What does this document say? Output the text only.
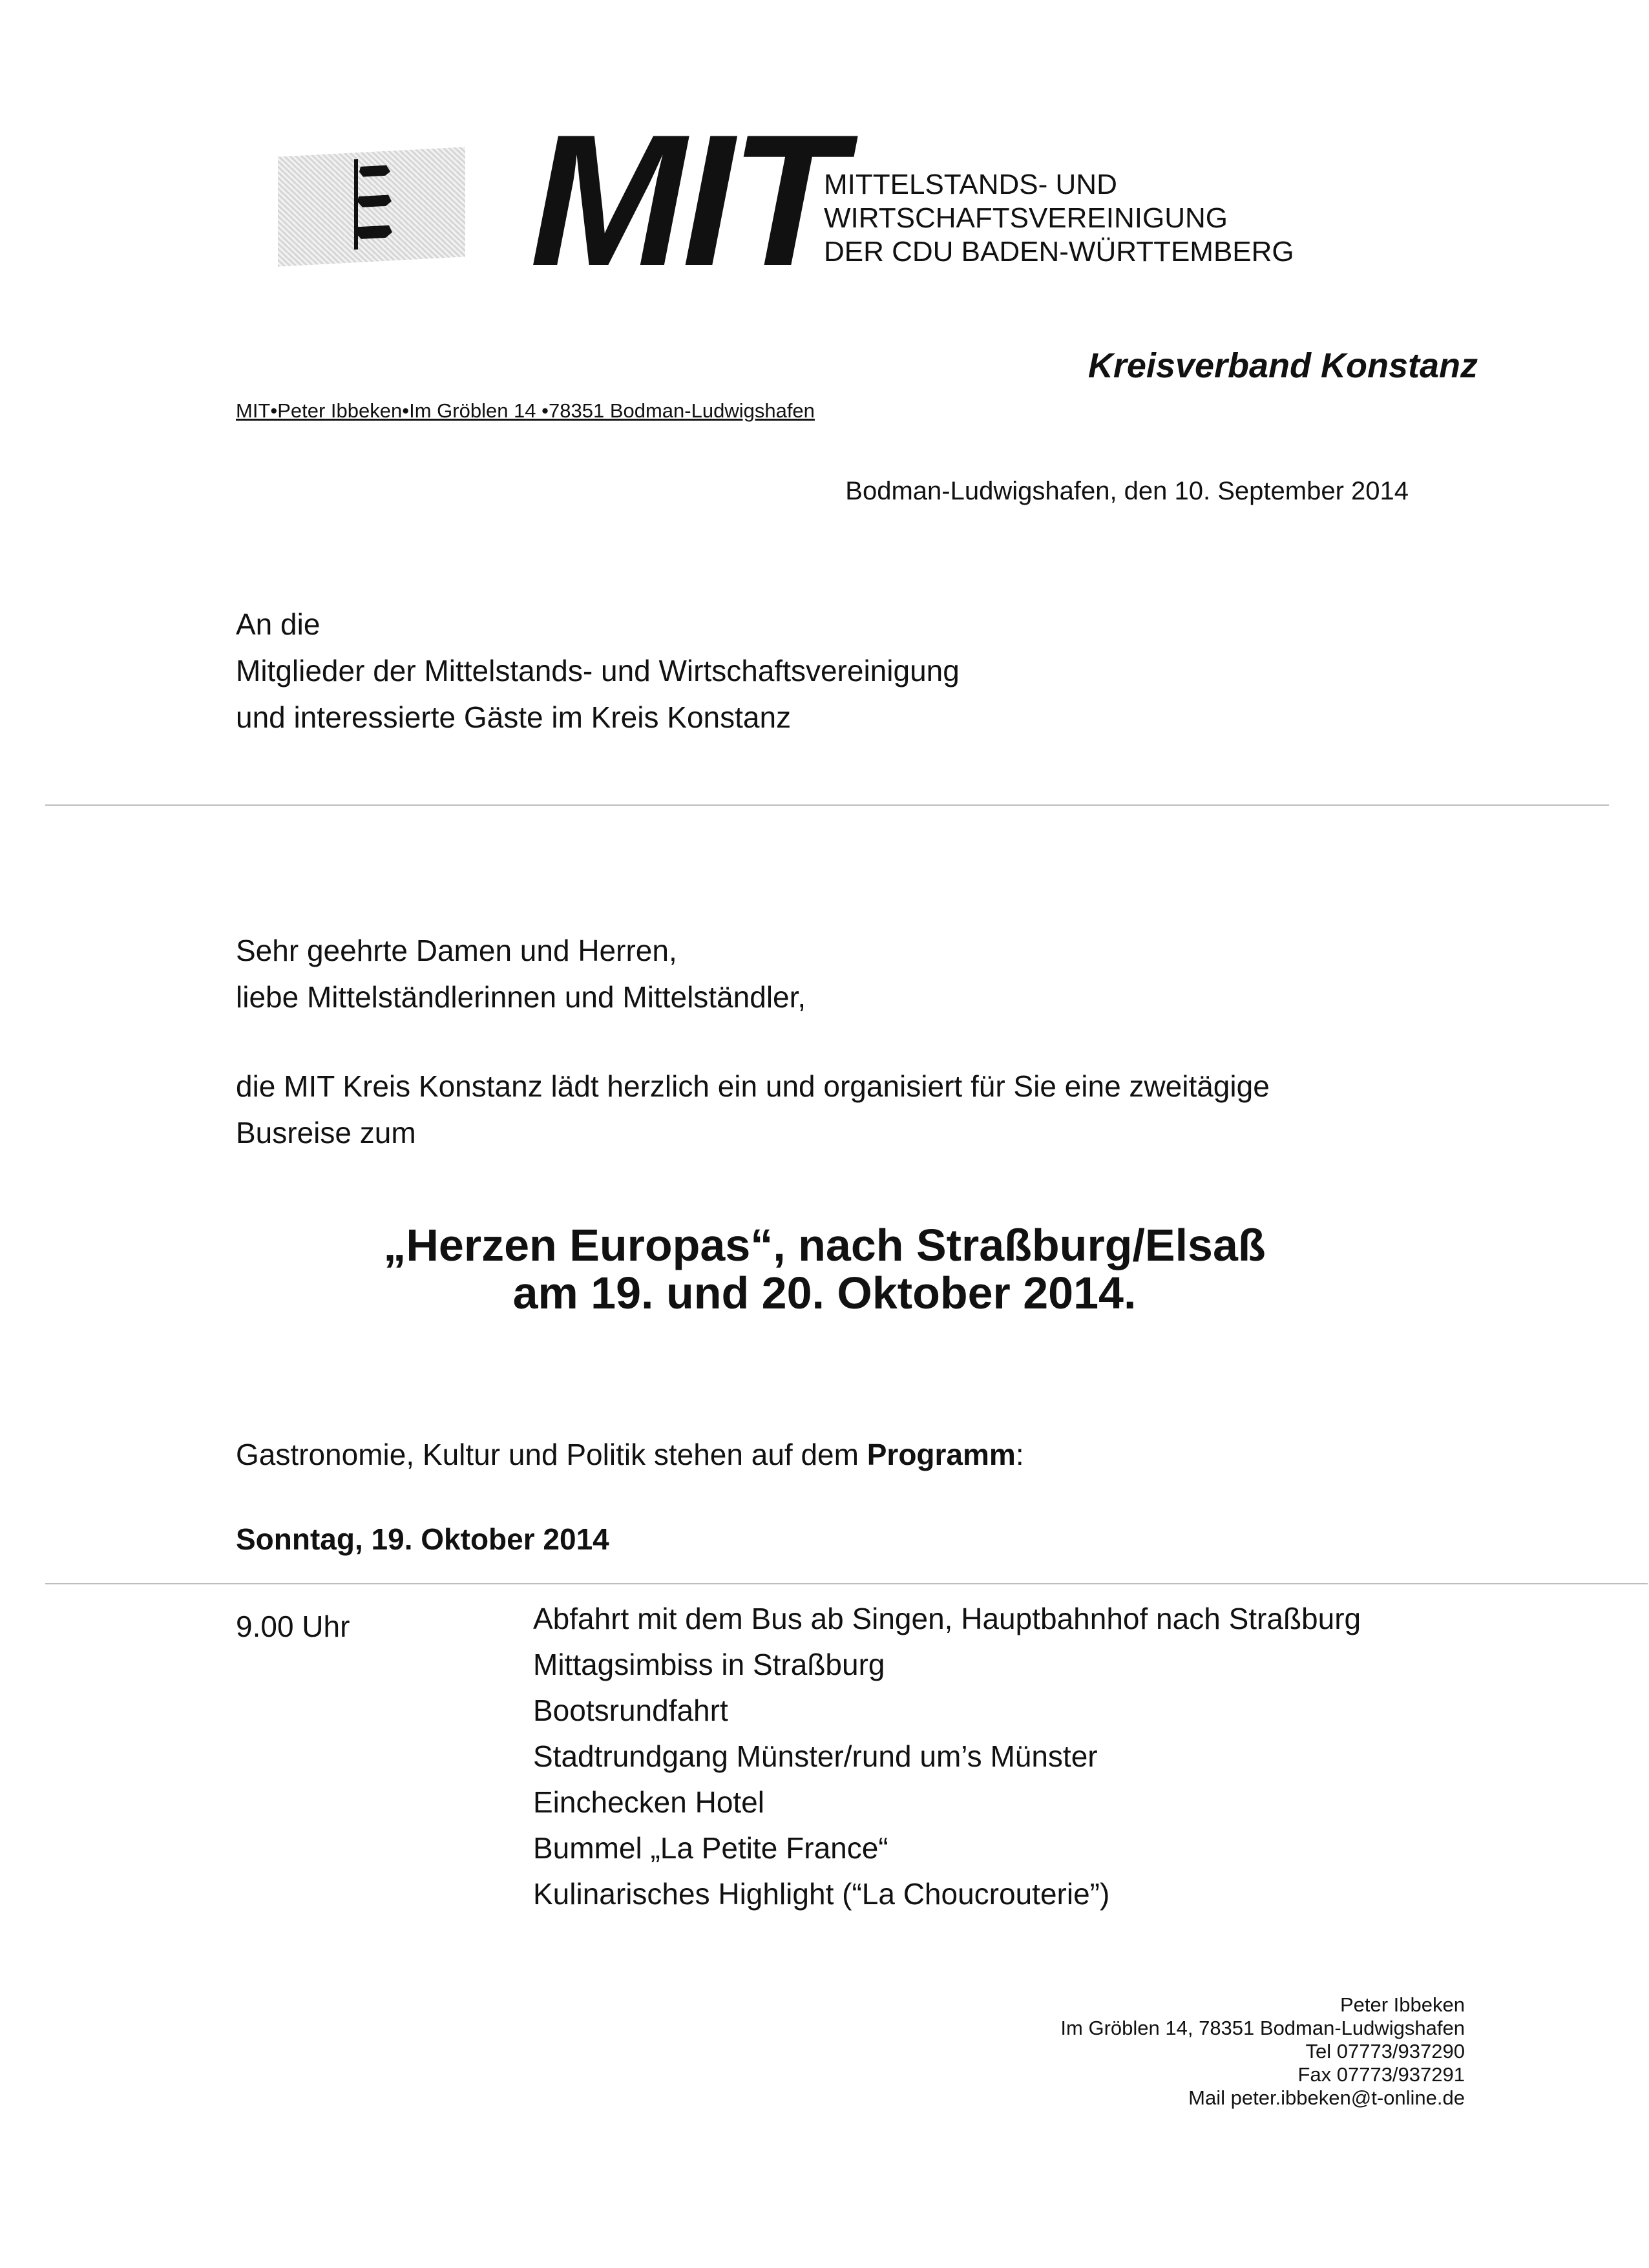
MIT
MITTELSTANDS- UND
WIRTSCHAFTSVEREINIGUNG
DER CDU BADEN-WÜRTTEMBERG
Kreisverband Konstanz
MIT•Peter Ibbeken•Im Gröblen 14 •78351 Bodman-Ludwigshafen
Bodman-Ludwigshafen, den 10. September 2014
An die
Mitglieder der Mittelstands- und Wirtschaftsvereinigung
und interessierte Gäste im Kreis Konstanz
Sehr geehrte Damen und Herren,
liebe Mittelständlerinnen und Mittelständler,
die MIT Kreis Konstanz lädt herzlich ein und organisiert für Sie eine zweitägige
Busreise zum
„Herzen Europas“, nach Straßburg/Elsaß
am 19. und 20. Oktober 2014.
Gastronomie, Kultur und Politik stehen auf dem Programm:
Sonntag, 19. Oktober 2014
9.00 Uhr	Abfahrt mit dem Bus ab Singen, Hauptbahnhof nach Straßburg
Mittagsimbiss in Straßburg
Bootsrundfahrt
Stadtrundgang Münster/rund um’s Münster
Einchecken Hotel
Bummel „La Petite France“
Kulinarisches Highlight (“La Choucrouterie”)
Peter Ibbeken
Im Gröblen 14, 78351 Bodman-Ludwigshafen
Tel 07773/937290
Fax 07773/937291
Mail peter.ibbeken@t-online.de
